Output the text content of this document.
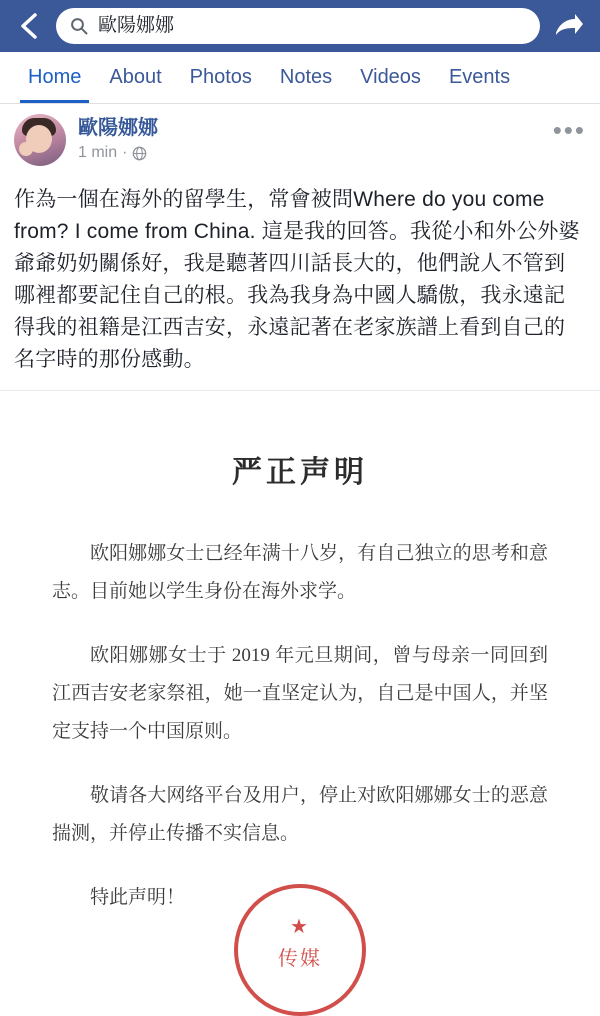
歐陽娜娜
Home About Photos Notes Videos Events
歐陽娜娜
1 min ·
•••
作為一個在海外的留學生，常會被問Where do you come from? I come from China. 這是我的回答。我從小和外公外婆爺爺奶奶關係好，我是聽著四川話長大的，他們說人不管到哪裡都要記住自己的根。我為我身為中國人驕傲，我永遠記得我的祖籍是江西吉安，永遠記著在老家族譜上看到自己的名字時的那份感動。
严正声明

欧阳娜娜女士已经年满十八岁，有自己独立的思考和意志。目前她以学生身份在海外求学。

欧阳娜娜女士于 2019 年元旦期间，曾与母亲一同回到江西吉安老家祭祖，她一直坚定认为，自己是中国人，并坚定支持一个中国原则。

敬请各大网络平台及用户，停止对欧阳娜娜女士的恶意揣测，并停止传播不实信息。

特此声明！

★
传媒
